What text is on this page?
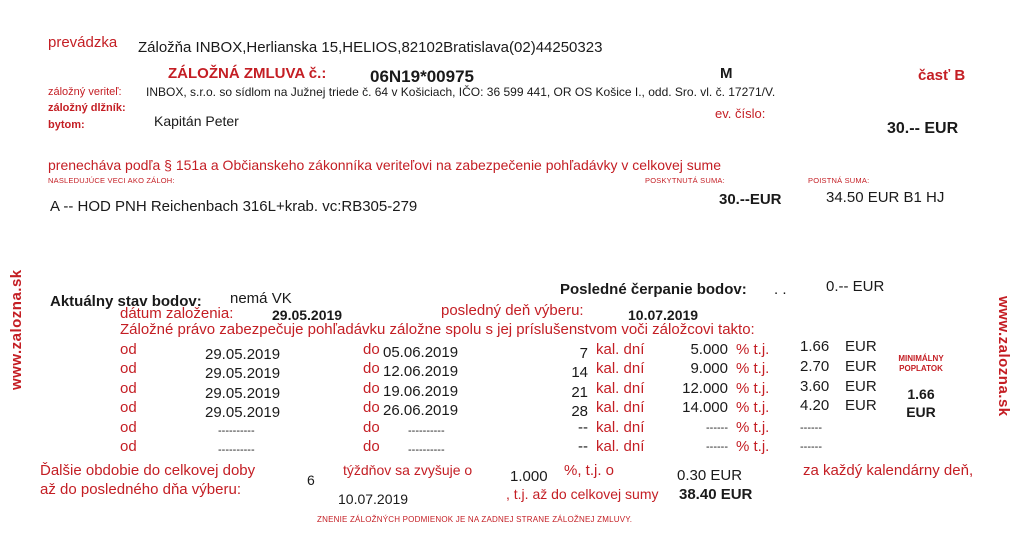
prevádzka Záložňa INBOX,Herlianska 15,HELIOS,82102Bratislava(02)44250323
ZÁLOŽNÁ ZMLUVA č.:	06N19*00975	M	časť B
záložný veriteľ: INBOX, s.r.o. so sídlom na Južnej triede č. 64 v Košiciach, IČO: 36 599 441, OR OS Košice I., odd. Sro. vl. č. 17271/V.
záložný dlžník:
bytom:	Kapitán Peter	ev. číslo:
30.-- EUR
prenecháva podľa § 151a a Občianskeho zákonníka veriteľovi na zabezpečenie pohľadávky v celkovej sume
NASLEDUJÚCE VECI AKO ZÁLOH:	POSKYTNUTÁ SUMA:	POISTNÁ SUMA:
A -- HOD PNH Reichenbach 316L+krab. vc:RB305-279	30.--EUR	34.50 EUR B1 HJ
Aktuálny stav bodov: nemá VK
Posledné čerpanie bodov: . .	0.-- EUR
dátum založenia:	29.05.2019	posledný deň výberu:	10.07.2019
Záložné právo zabezpečuje pohľadávku záložne spolu s jej príslušenstvom voči záložcovi takto:
od	29.05.2019	do 05.06.2019	7 kal. dní	5.000 % t.j. 1.66 EUR
od	29.05.2019	do 12.06.2019	14 kal. dní	9.000 % t.j. 2.70 EUR
od	29.05.2019	do 19.06.2019	21 kal. dní	12.000 % t.j. 3.60 EUR
od	29.05.2019	do 26.06.2019	28 kal. dní	14.000 % t.j. 4.20 EUR
od	----------	do	----------	-- kal. dní	------ % t.j.	------
od	----------	do	----------	-- kal. dní	------ % t.j.	------
MINIMÁLNY POPLATOK
1.66
EUR
Ďalšie obdobie do celkovej doby
až do posledného dňa výberu:
6
týždňov sa zvyšuje o	1.000 %, t.j. o	0.30 EUR	za každý kalendárny deň,
10.07.2019	, t.j. až do celkovej sumy 38.40 EUR
ZNENIE ZÁLOŽNÝCH PODMIENOK JE NA ZADNEJ STRANE ZÁLOŽNEJ ZMLUVY.
www.zalozna.sk	www.zalozna.sk
